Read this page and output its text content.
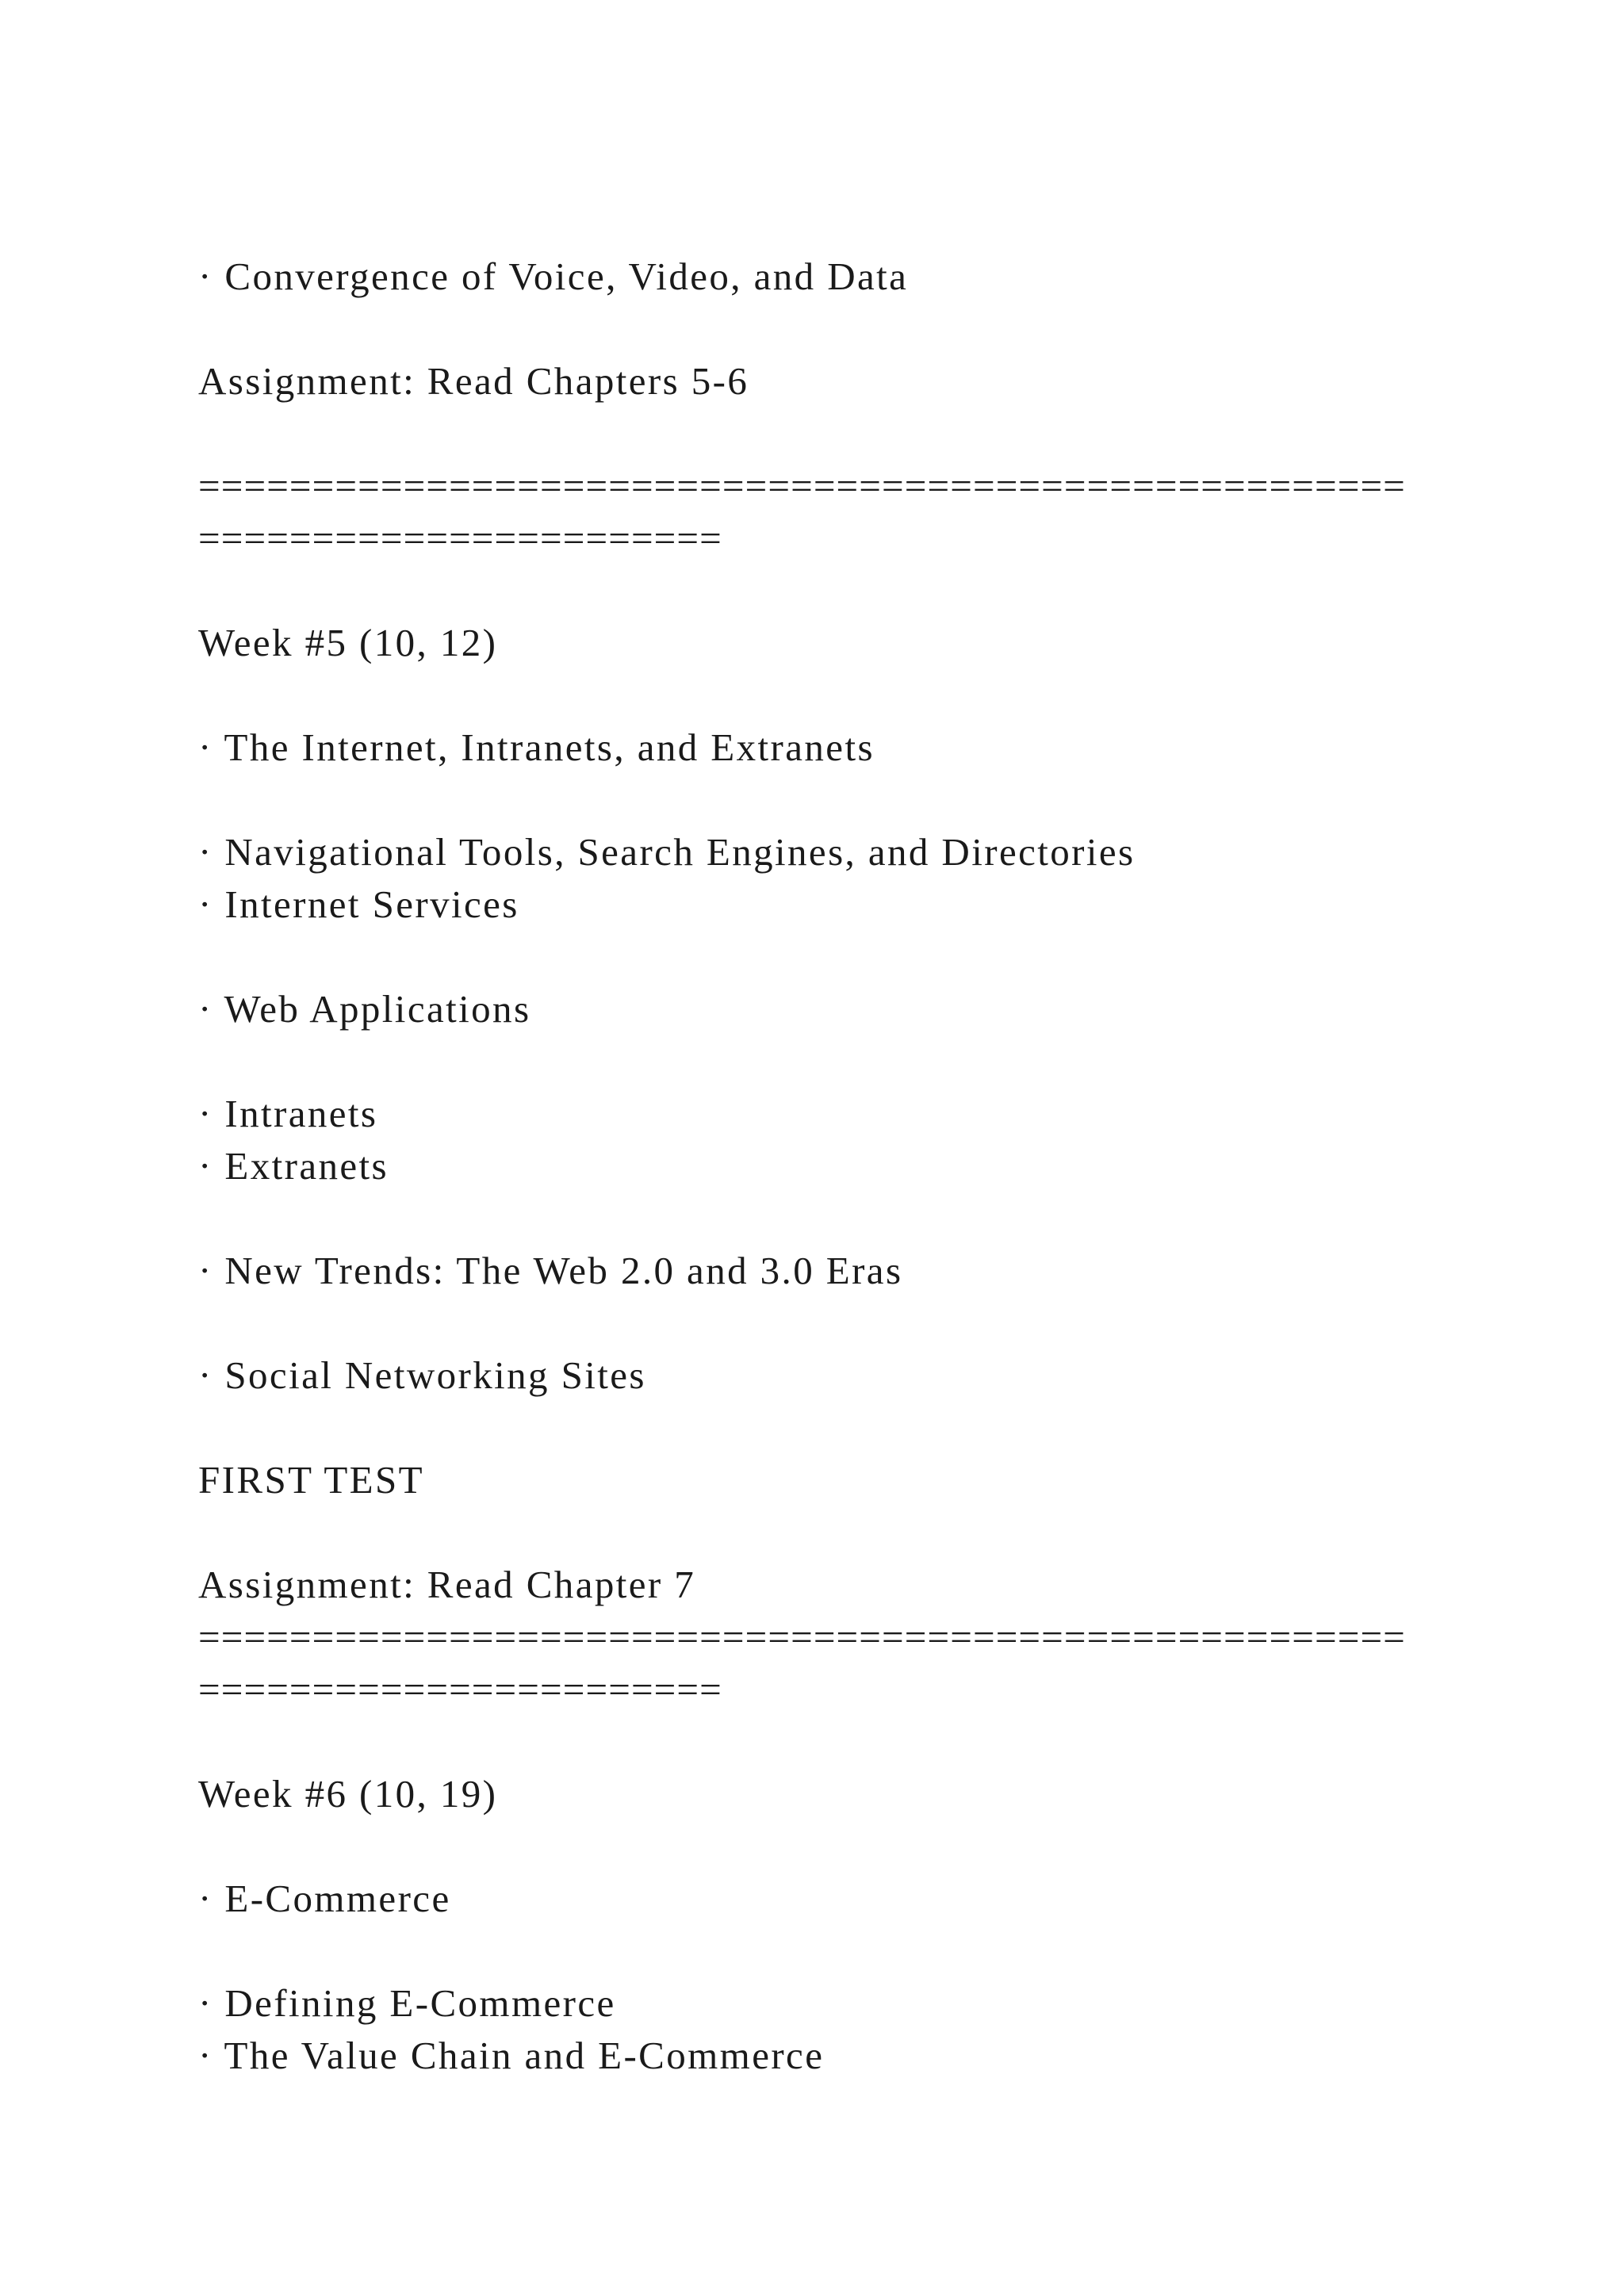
· Convergence of Voice, Video, and Data

Assignment: Read Chapters 5-6

=====================================================

=======================

Week #5 (10, 12)

· The Internet, Intranets, and Extranets

· Navigational Tools, Search Engines, and Directories

· Internet Services

· Web Applications

· Intranets

· Extranets

· New Trends: The Web 2.0 and 3.0 Eras

· Social Networking Sites

FIRST TEST

Assignment: Read Chapter 7

=====================================================

=======================

Week #6 (10, 19)

· E-Commerce

· Defining E-Commerce

· The Value Chain and E-Commerce
